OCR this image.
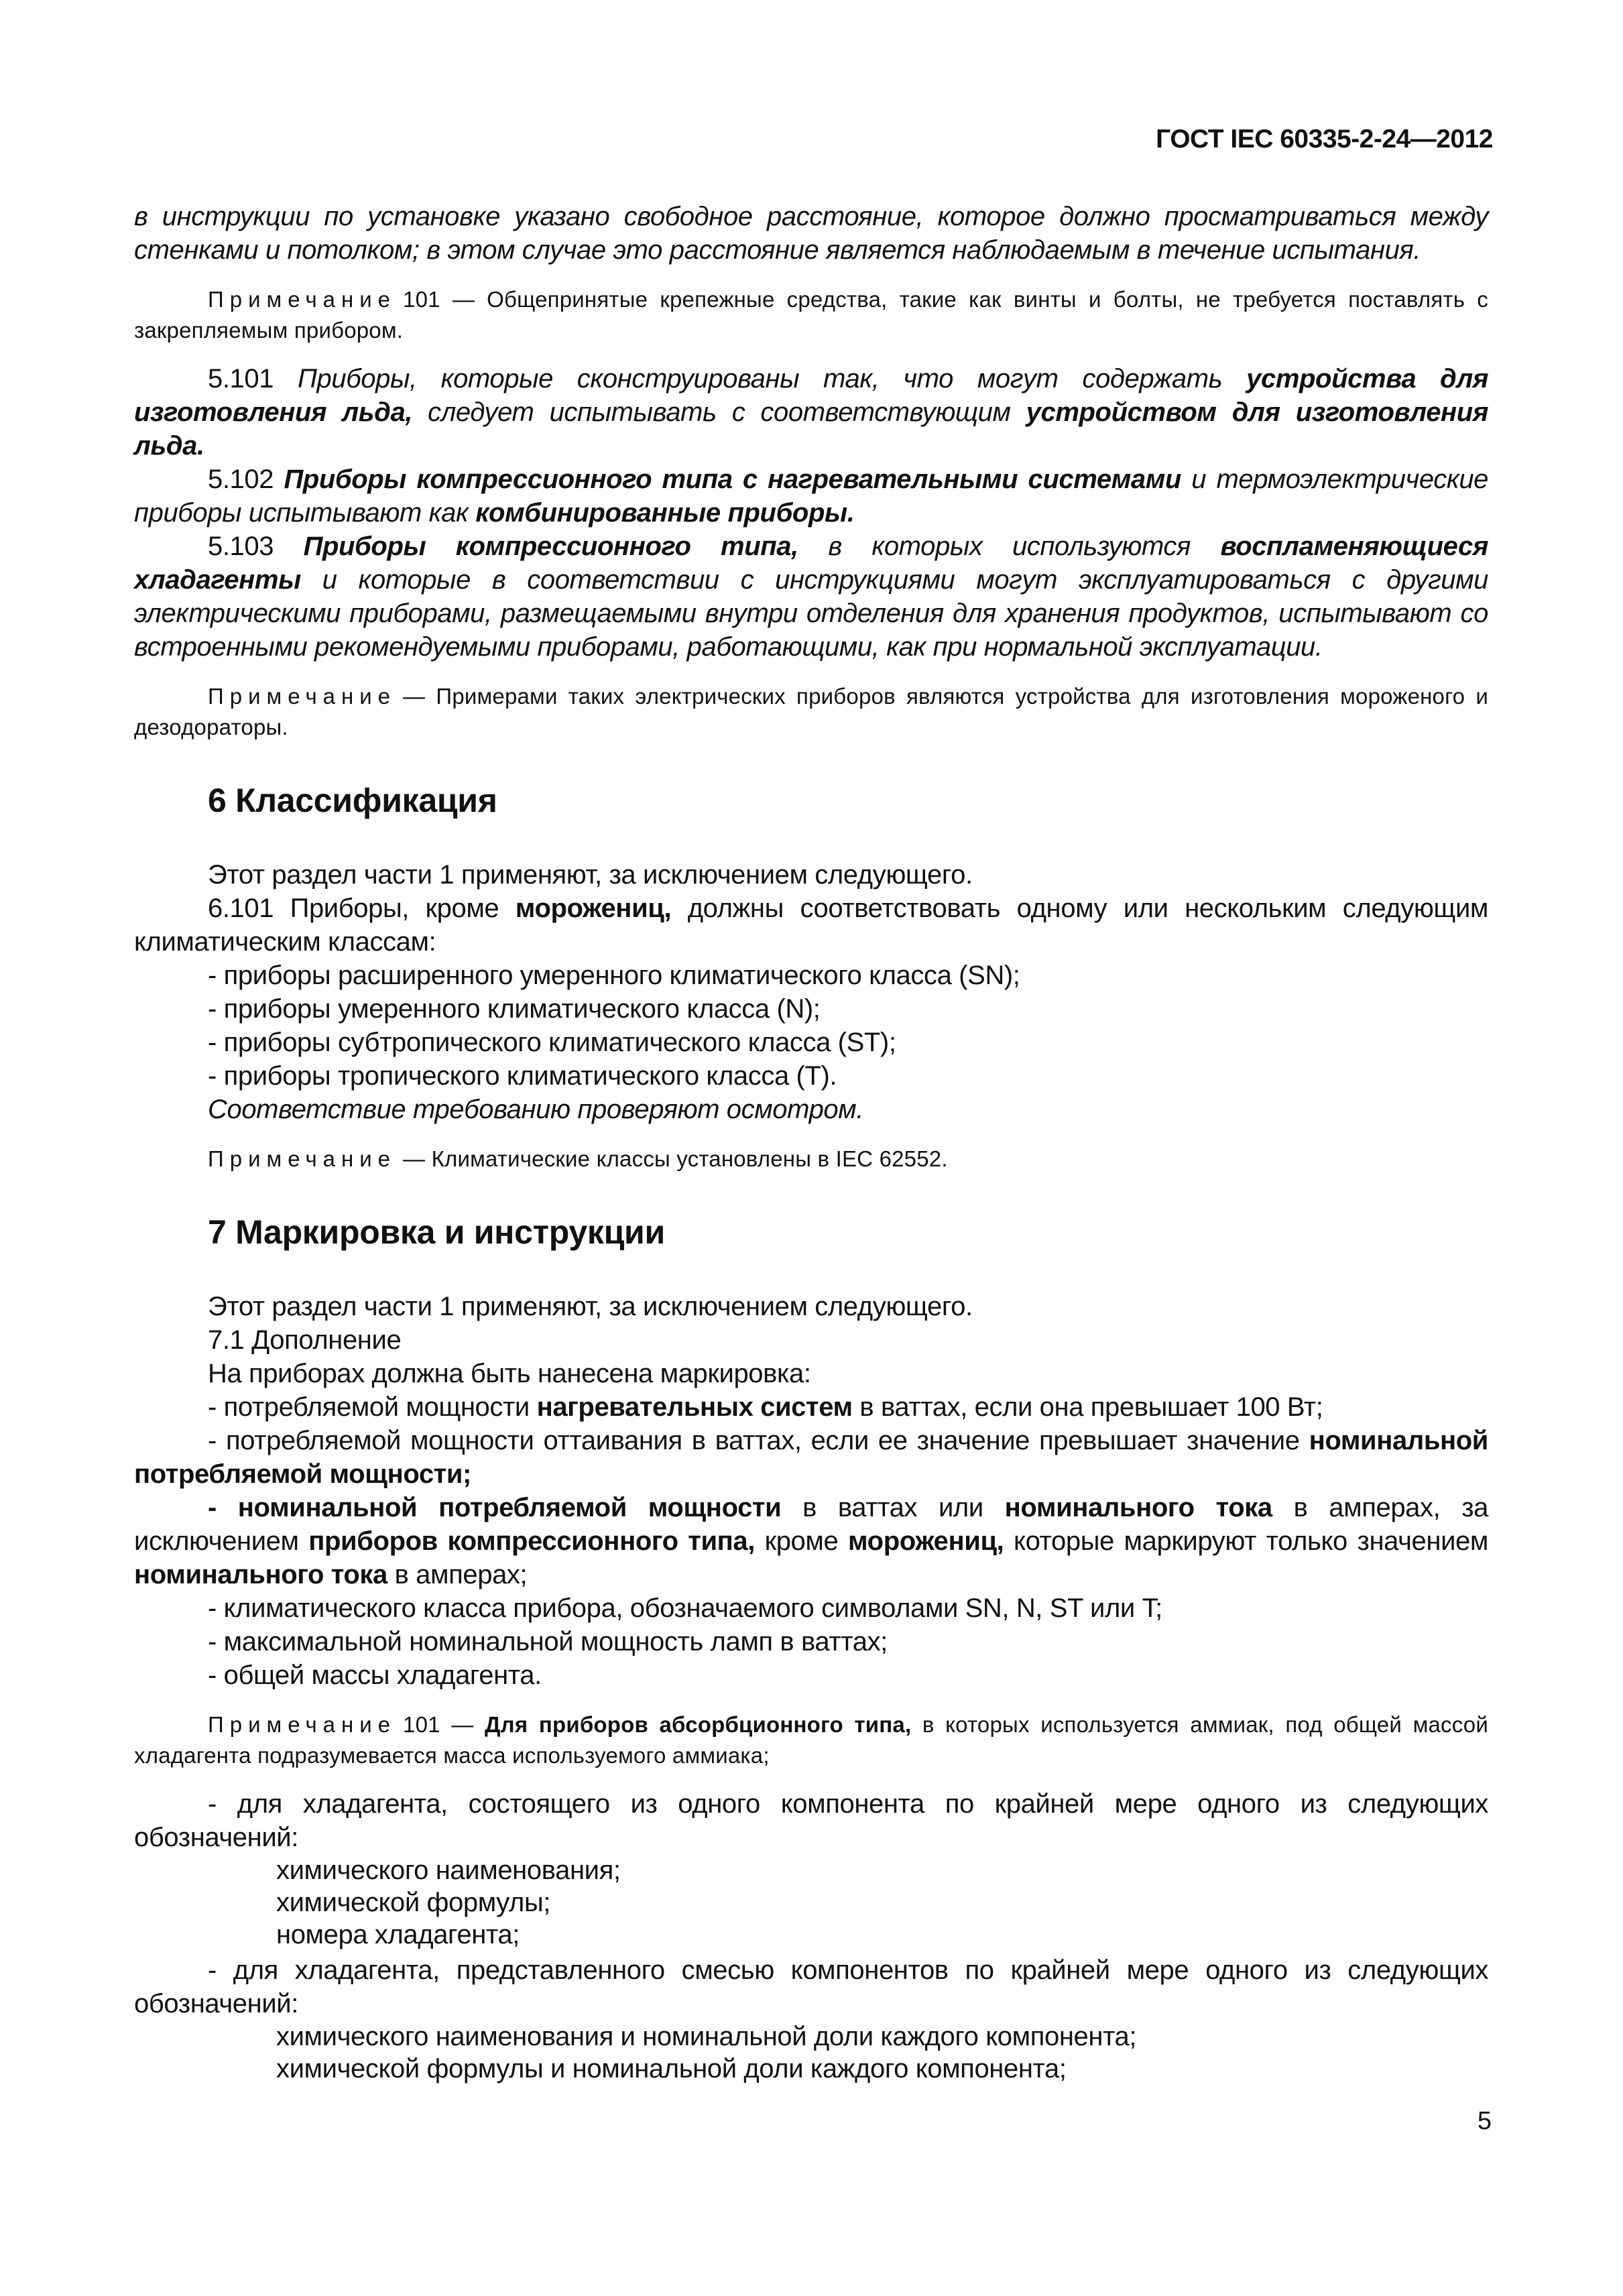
ГОСТ IEC 60335-2-24—2012

в инструкции по установке указано свободное расстояние, которое должно просматриваться между стенками и потолком; в этом случае это расстояние является наблюдаемым в течение испытания.

Примечание 101 — Общепринятые крепежные средства, такие как винты и болты, не требуется поставлять с закрепляемым прибором.

5.101 Приборы, которые сконструированы так, что могут содержать устройства для изготовления льда, следует испытывать с соответствующим устройством для изготовления льда.

5.102 Приборы компрессионного типа с нагревательными системами и термоэлектрические приборы испытывают как комбинированные приборы.

5.103 Приборы компрессионного типа, в которых используются воспламеняющиеся хладагенты и которые в соответствии с инструкциями могут эксплуатироваться с другими электрическими приборами, размещаемыми внутри отделения для хранения продуктов, испытывают со встроенными рекомендуемыми приборами, работающими, как при нормальной эксплуатации.

Примечание — Примерами таких электрических приборов являются устройства для изготовления мороженого и дезодораторы.

6 Классификация

Этот раздел части 1 применяют, за исключением следующего.

6.101 Приборы, кроме морожениц, должны соответствовать одному или нескольким следующим климатическим классам:

- приборы расширенного умеренного климатического класса (SN);

- приборы умеренного климатического класса (N);

- приборы субтропического климатического класса (ST);

- приборы тропического климатического класса (T).

Соответствие требованию проверяют осмотром.

Примечание — Климатические классы установлены в IEC 62552.

7 Маркировка и инструкции

Этот раздел части 1 применяют, за исключением следующего.

7.1 Дополнение

На приборах должна быть нанесена маркировка:

- потребляемой мощности нагревательных систем в ваттах, если она превышает 100 Вт;

- потребляемой мощности оттаивания в ваттах, если ее значение превышает значение номинальной потребляемой мощности;

- номинальной потребляемой мощности в ваттах или номинального тока в амперах, за исключением приборов компрессионного типа, кроме морожениц, которые маркируют только значением номинального тока в амперах;

- климатического класса прибора, обозначаемого символами SN, N, ST или T;

- максимальной номинальной мощность ламп в ваттах;

- общей массы хладагента.

Примечание 101 — Для приборов абсорбционного типа, в которых используется аммиак, под общей массой хладагента подразумевается масса используемого аммиака;

- для хладагента, состоящего из одного компонента по крайней мере одного из следующих обозначений:

химического наименования;

химической формулы;

номера хладагента;

- для хладагента, представленного смесью компонентов по крайней мере одного из следующих обозначений:

химического наименования и номинальной доли каждого компонента;

химической формулы и номинальной доли каждого компонента;

5
